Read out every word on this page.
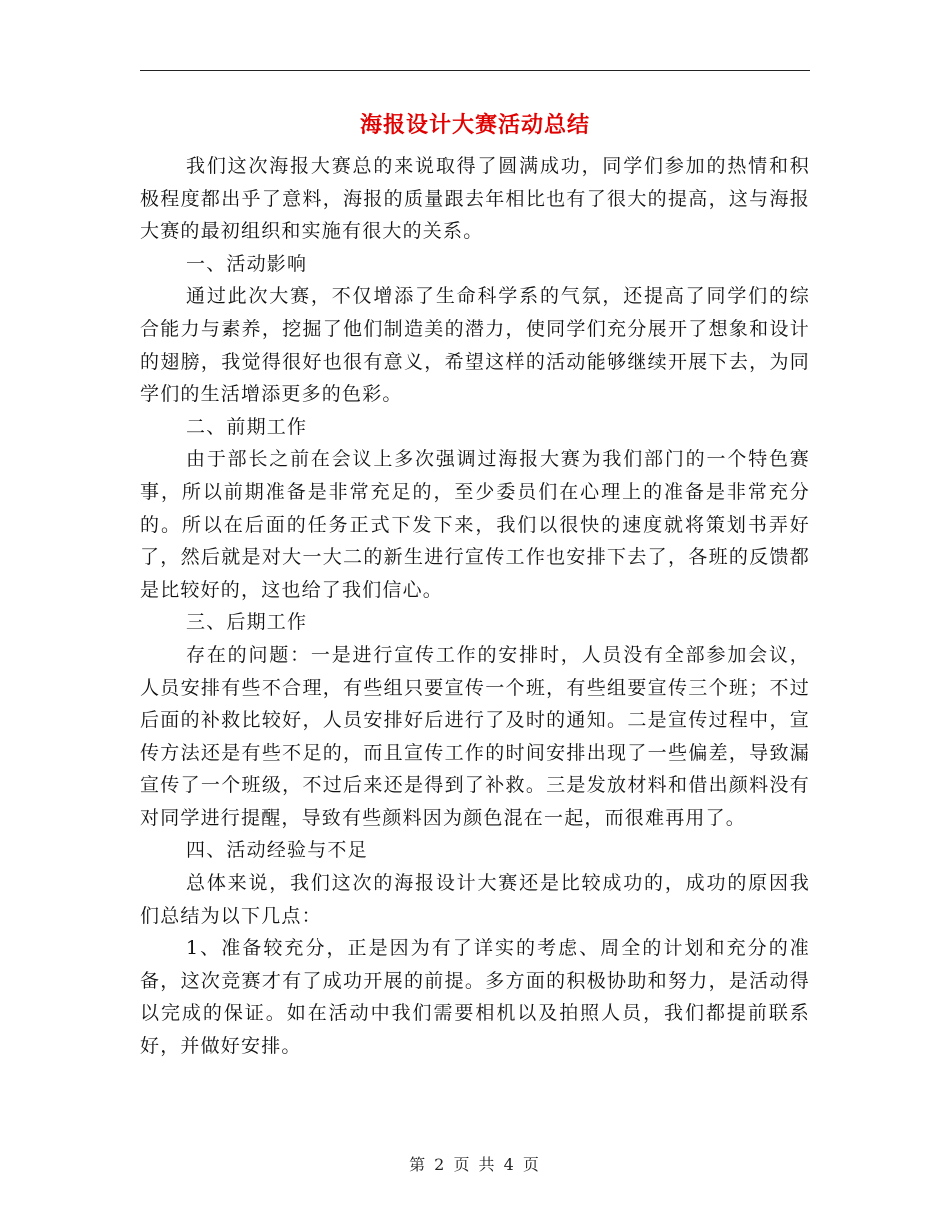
海报设计大赛活动总结

我们这次海报大赛总的来说取得了圆满成功，同学们参加的热情和积极程度都出乎了意料，海报的质量跟去年相比也有了很大的提高，这与海报大赛的最初组织和实施有很大的关系。

一、活动影响

通过此次大赛，不仅增添了生命科学系的气氛，还提高了同学们的综合能力与素养，挖掘了他们制造美的潜力，使同学们充分展开了想象和设计的翅膀，我觉得很好也很有意义，希望这样的活动能够继续开展下去，为同学们的生活增添更多的色彩。

二、前期工作

由于部长之前在会议上多次强调过海报大赛为我们部门的一个特色赛事，所以前期准备是非常充足的，至少委员们在心理上的准备是非常充分的。所以在后面的任务正式下发下来，我们以很快的速度就将策划书弄好了，然后就是对大一大二的新生进行宣传工作也安排下去了，各班的反馈都是比较好的，这也给了我们信心。

三、后期工作

存在的问题：一是进行宣传工作的安排时，人员没有全部参加会议，人员安排有些不合理，有些组只要宣传一个班，有些组要宣传三个班；不过后面的补救比较好，人员安排好后进行了及时的通知。二是宣传过程中，宣传方法还是有些不足的，而且宣传工作的时间安排出现了一些偏差，导致漏宣传了一个班级，不过后来还是得到了补救。三是发放材料和借出颜料没有对同学进行提醒，导致有些颜料因为颜色混在一起，而很难再用了。

四、活动经验与不足

总体来说，我们这次的海报设计大赛还是比较成功的，成功的原因我们总结为以下几点：

1、准备较充分，正是因为有了详实的考虑、周全的计划和充分的准备，这次竞赛才有了成功开展的前提。多方面的积极协助和努力，是活动得以完成的保证。如在活动中我们需要相机以及拍照人员，我们都提前联系好，并做好安排。

第 2 页 共 4 页
